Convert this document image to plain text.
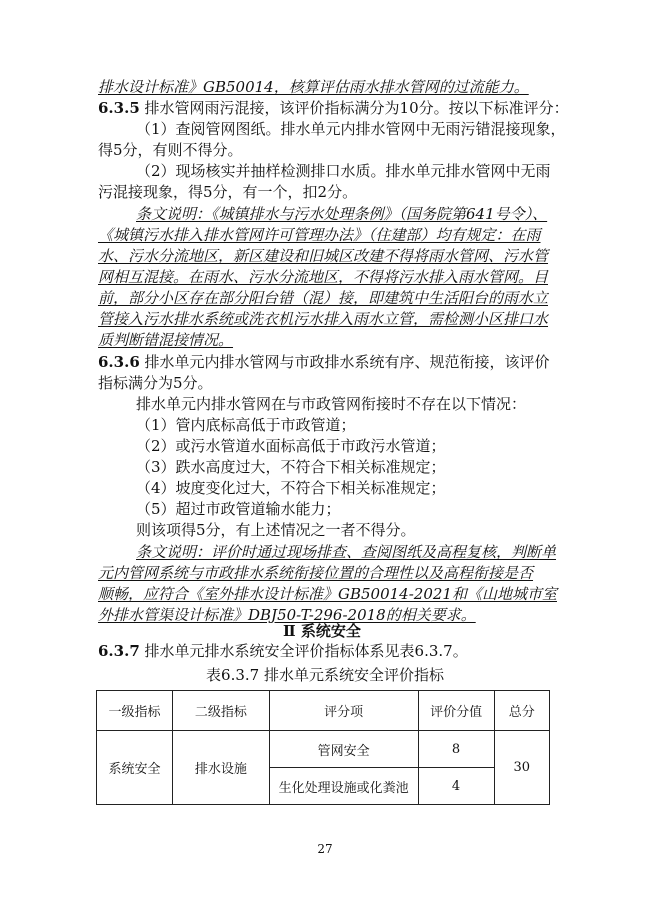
排水设计标准》GB50014，核算评估雨水排水管网的过流能力。
6.3.5 排水管网雨污混接，该评价指标满分为10分。按以下标准评分：
（1）查阅管网图纸。排水单元内排水管网中无雨污错混接现象，
得5分，有则不得分。
（2）现场核实并抽样检测排口水质。排水单元排水管网中无雨
污混接现象，得5分，有一个，扣2分。
条文说明：《城镇排水与污水处理条例》（国务院第641号令）、
《城镇污水排入排水管网许可管理办法》（住建部）均有规定：在雨
水、污水分流地区，新区建设和旧城区改建不得将雨水管网、污水管
网相互混接。在雨水、污水分流地区，不得将污水排入雨水管网。目
前，部分小区存在部分阳台错（混）接，即建筑中生活阳台的雨水立
管接入污水排水系统或洗衣机污水排入雨水立管，需检测小区排口水
质判断错混接情况。
6.3.6 排水单元内排水管网与市政排水系统有序、规范衔接，该评价
指标满分为5分。
排水单元内排水管网在与市政管网衔接时不存在以下情况：
（1）管内底标高低于市政管道；
（2）或污水管道水面标高低于市政污水管道；
（3）跌水高度过大，不符合下相关标准规定；
（4）坡度变化过大，不符合下相关标准规定；
（5）超过市政管道输水能力；
则该项得5分，有上述情况之一者不得分。
条文说明：评价时通过现场排查、查阅图纸及高程复核，判断单
元内管网系统与市政排水系统衔接位置的合理性以及高程衔接是否
顺畅，应符合《室外排水设计标准》GB50014-2021和《山地城市室
外排水管渠设计标准》DBJ50-T-296-2018的相关要求。
Ⅱ 系统安全
6.3.7 排水单元排水系统安全评价指标体系见表6.3.7。
表6.3.7 排水单元系统安全评价指标
一级指标	二级指标	评分项	评价分值	总分
系统安全	排水设施	管网安全	8	30
		生化处理设施或化粪池	4	
27
